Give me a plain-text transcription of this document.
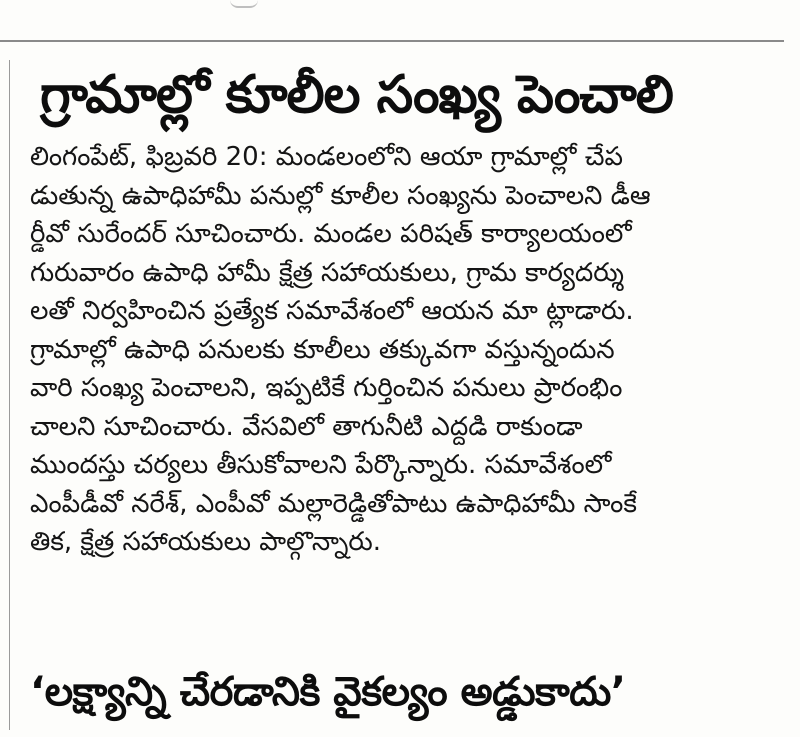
గ్రామాల్లో కూలీల సంఖ్య పెంచాలి
లింగంపేట్, ఫిబ్రవరి 20: మండలంలోని ఆయా గ్రామాల్లో చేప
డుతున్న ఉపాధిహామీ పనుల్లో కూలీల సంఖ్యను పెంచాలని డీఆ
ర్డీవో సురేందర్ సూచించారు. మండల పరిషత్ కార్యాలయంలో
గురువారం ఉపాధి హామీ క్షేత్ర సహాయకులు, గ్రామ కార్యదర్శు
లతో నిర్వహించిన ప్రత్యేక సమావేశంలో ఆయన మా ట్లాడారు.
గ్రామాల్లో ఉపాధి పనులకు కూలీలు తక్కువగా వస్తున్నందున
వారి సంఖ్య పెంచాలని, ఇప్పటికే గుర్తించిన పనులు ప్రారంభిం
చాలని సూచించారు. వేసవిలో తాగునీటి ఎద్దడి రాకుండా
ముందస్తు చర్యలు తీసుకోవాలని పేర్కొన్నారు. సమావేశంలో
ఎంపీడీవో నరేశ్, ఎంపీవో మల్లారెడ్డితోపాటు ఉపాధిహామీ సాంకే
తిక, క్షేత్ర సహాయకులు పాల్గొన్నారు.
‘లక్ష్యాన్ని చేరడానికి వైకల్యం అడ్డుకాదు’
